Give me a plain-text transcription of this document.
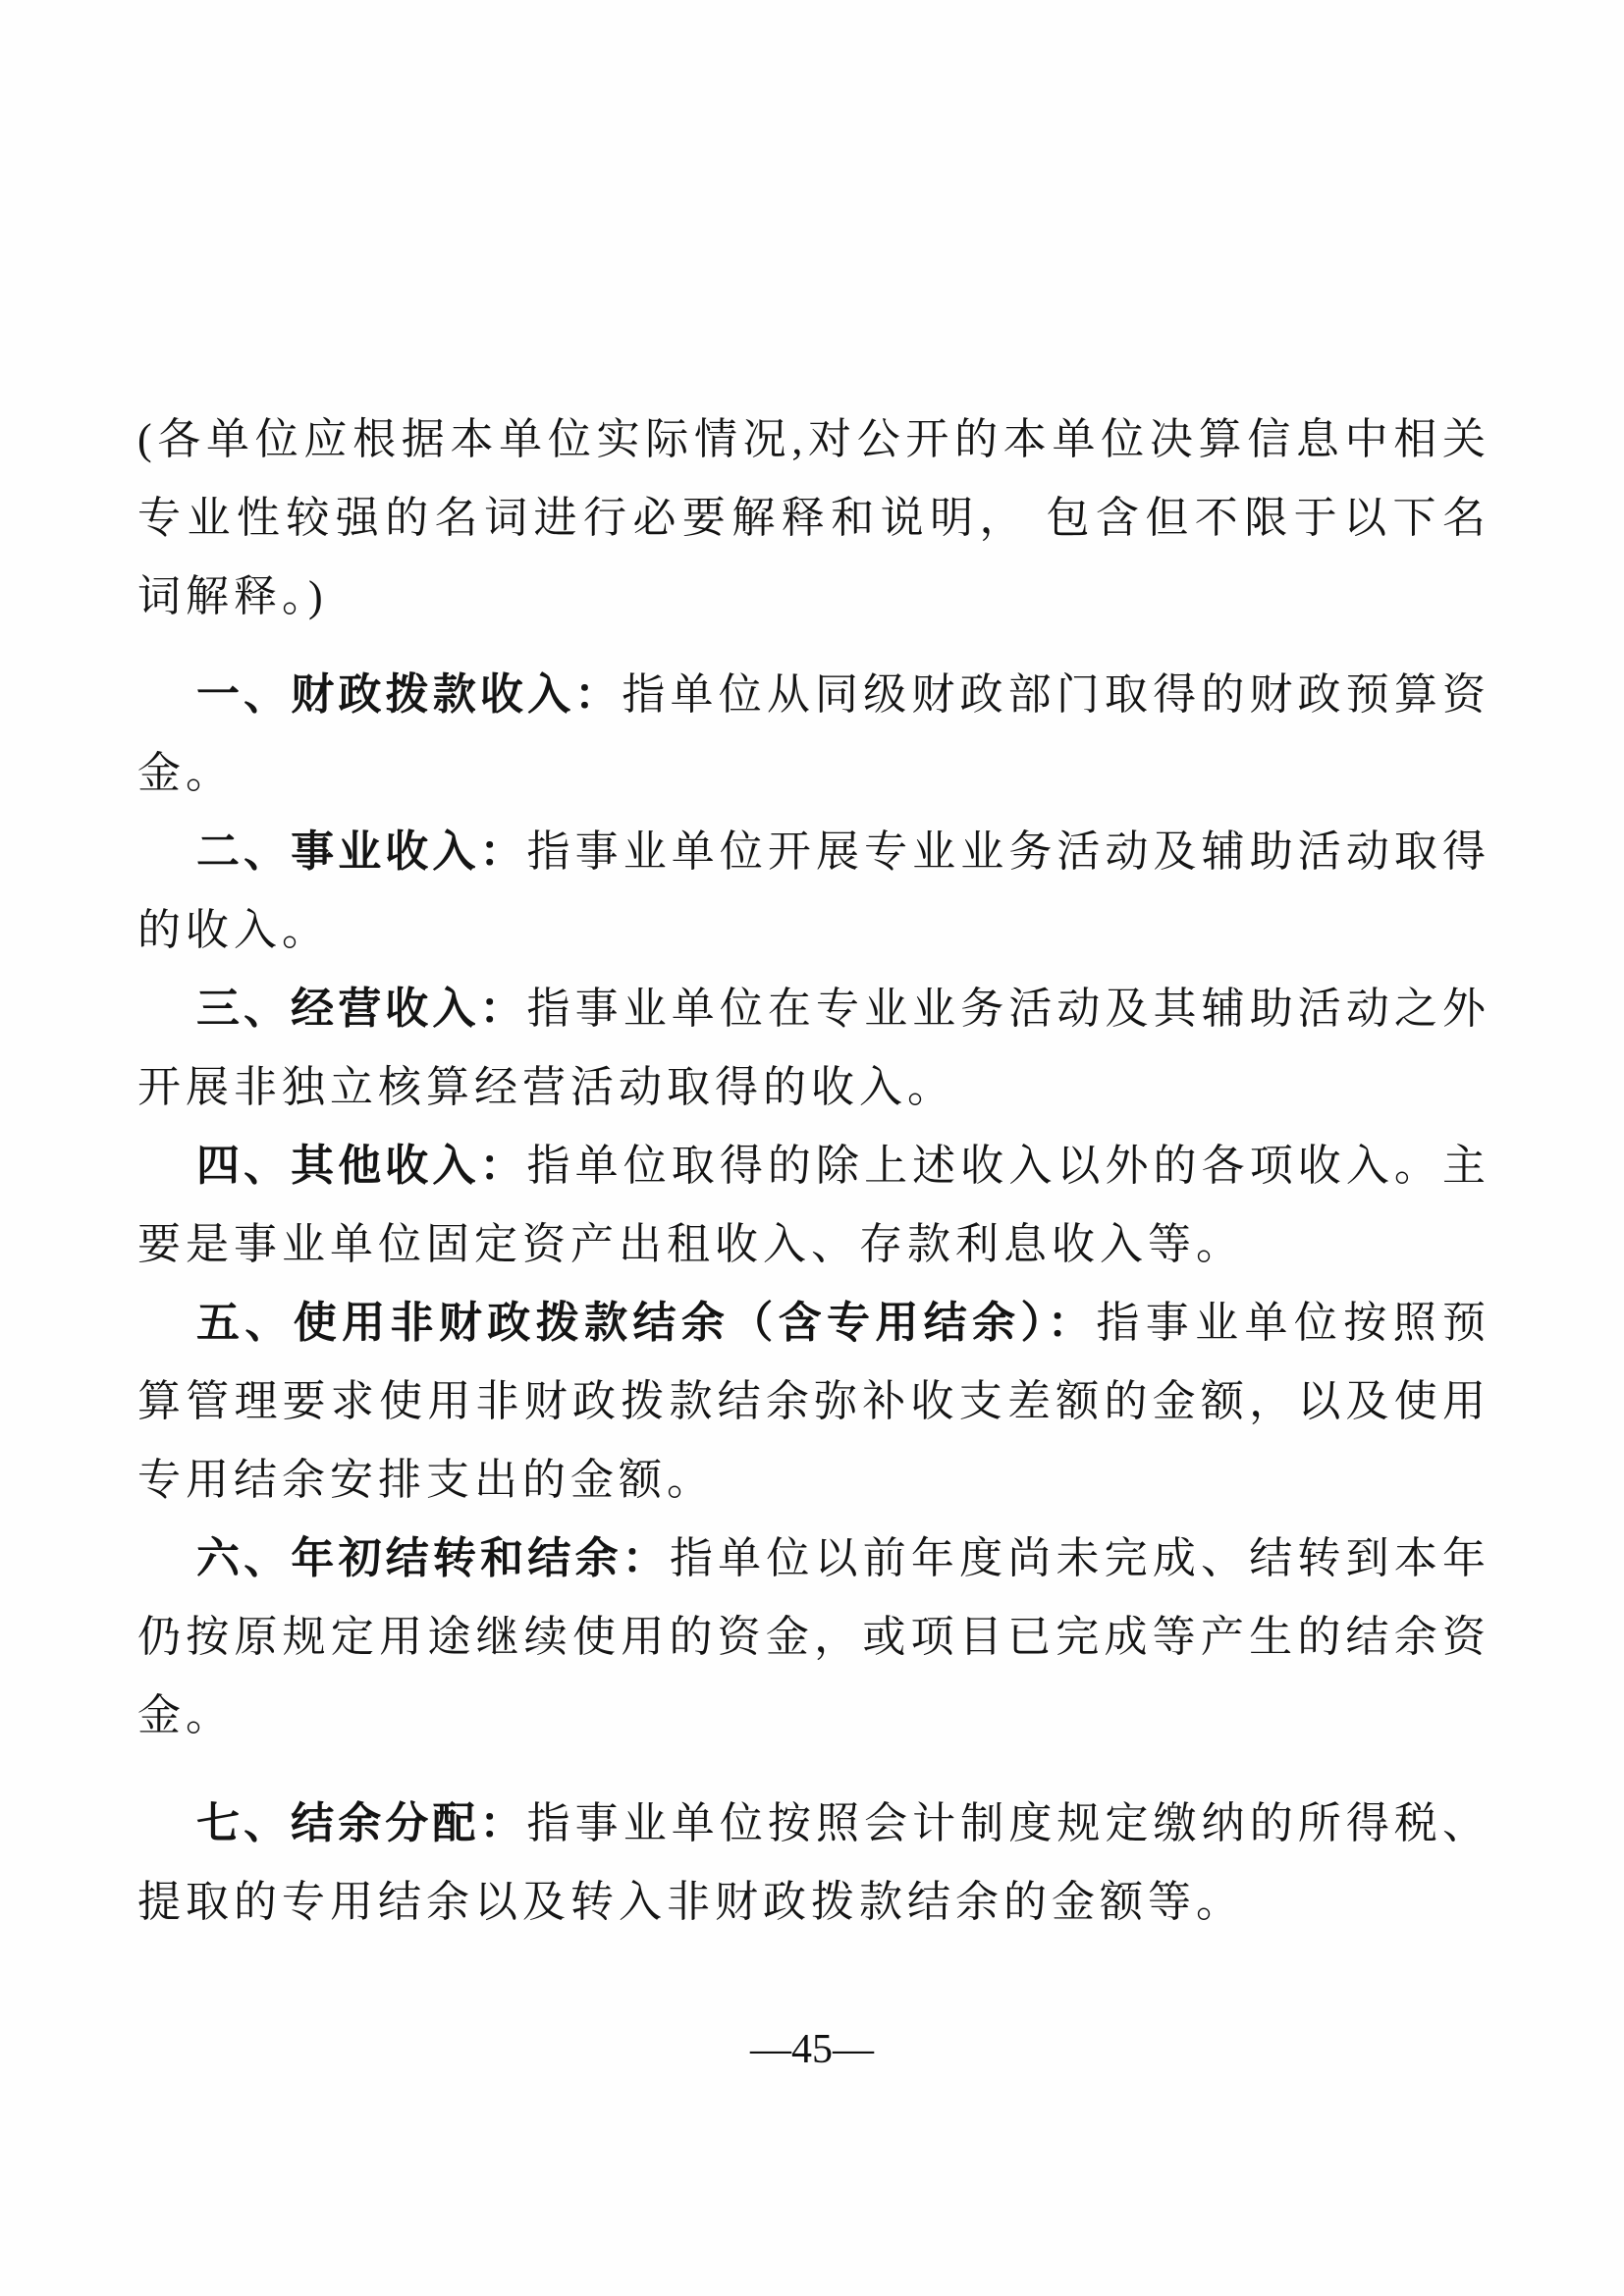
(各单位应根据本单位实际情况,对公开的本单位决算信息中相关专业性较强的名词进行必要解释和说明， 包含但不限于以下名词解释。)

一、财政拨款收入：指单位从同级财政部门取得的财政预算资金。

二、事业收入：指事业单位开展专业业务活动及辅助活动取得的收入。

三、经营收入：指事业单位在专业业务活动及其辅助活动之外开展非独立核算经营活动取得的收入。

四、其他收入：指单位取得的除上述收入以外的各项收入。主要是事业单位固定资产出租收入、存款利息收入等。

五、使用非财政拨款结余（含专用结余）：指事业单位按照预算管理要求使用非财政拨款结余弥补收支差额的金额，以及使用专用结余安排支出的金额。

六、年初结转和结余：指单位以前年度尚未完成、结转到本年仍按原规定用途继续使用的资金，或项目已完成等产生的结余资金。

七、结余分配：指事业单位按照会计制度规定缴纳的所得税、提取的专用结余以及转入非财政拨款结余的金额等。

—45—
